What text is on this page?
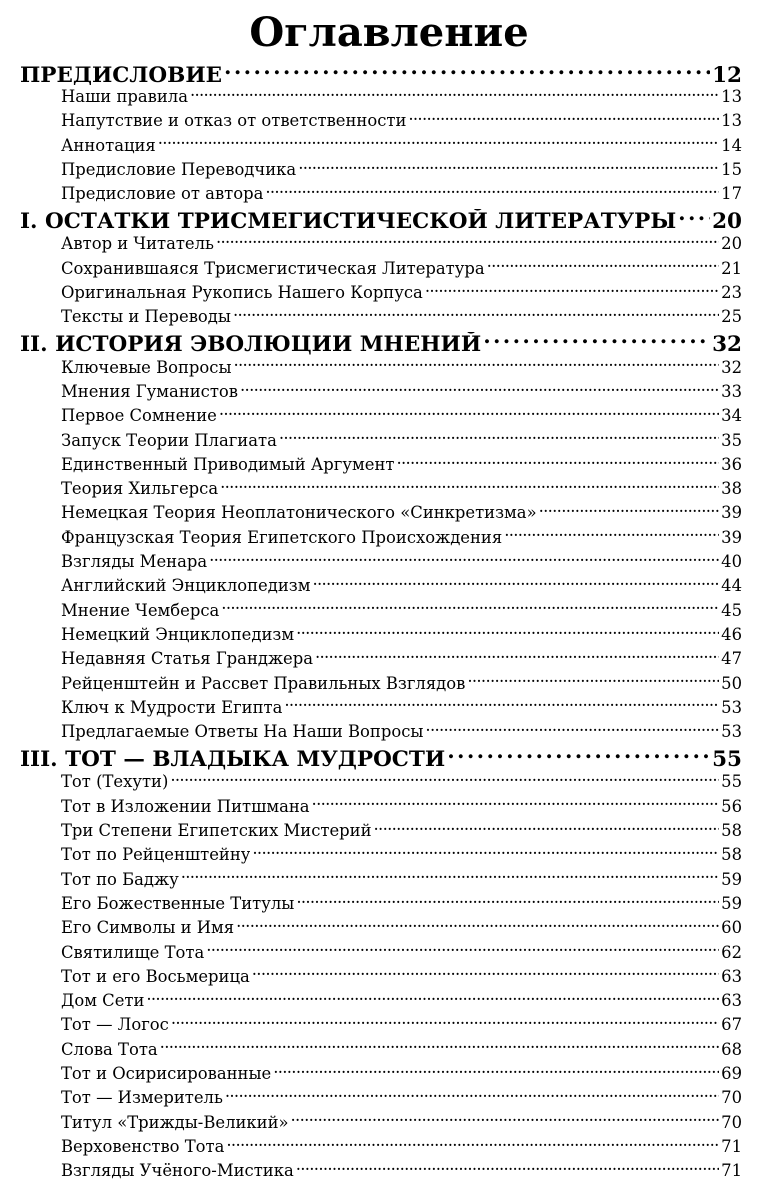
Оглавление
ПРЕДИСЛОВИЕ . . .	12
Наши правила . . .	13
Напутствие и отказ от ответственности . . .	13
Аннотация . . .	14
Предисловие Переводчика . . .	15
Предисловие от автора . . .	17
I. ОСТАТКИ ТРИСМЕГИСТИЧЕСКОЙ ЛИТЕРАТУРЫ . . . 20
Автор и Читатель . . .	20
Сохранившаяся Трисмегистическая Литература . . .	21
Оригинальная Рукопись Нашего Корпуса . . .	23
Тексты и Переводы . . .	25
II. ИСТОРИЯ ЭВОЛЮЦИИ МНЕНИЙ . . .	32
Ключевые Вопросы . . .	32
Мнения Гуманистов . . .	33
Первое Сомнение . . .	34
Запуск Теории Плагиата . . .	35
Единственный Приводимый Аргумент . . .	36
Теория Хильгерса . . .	38
Немецкая Теория Неоплатонического «Синкретизма» . . .	39
Французская Теория Египетского Происхождения . . .	39
Взгляды Менара . . .	40
Английский Энциклопедизм . . .	44
Мнение Чемберса . . .	45
Немецкий Энциклопедизм . . .	46
Недавняя Статья Гранджера . . .	47
Рейценштейн и Рассвет Правильных Взглядов . . .	50
Ключ к Мудрости Египта . . .	53
Предлагаемые Ответы На Наши Вопросы . . .	53
III. ТОТ — ВЛАДЫКА МУДРОСТИ . . .	55
Тот (Техути) . . .	55
Тот в Изложении Питшмана . . .	56
Три Степени Египетских Мистерий . . .	58
Тот по Рейценштейну . . .	58
Тот по Баджу . . .	59
Его Божественные Титулы . . .	59
Его Символы и Имя . . .	60
Святилище Тота . . .	62
Тот и его Восьмерица . . .	63
Дом Сети . . .	63
Тот — Логос . . .	67
Слова Тота . . .	68
Тот и Осирисированные . . .	69
Тот — Измеритель . . .	70
Титул «Трижды-Великий» . . .	70
Верховенство Тота . . .	71
Взгляды Учёного-Мистика . . .	71
